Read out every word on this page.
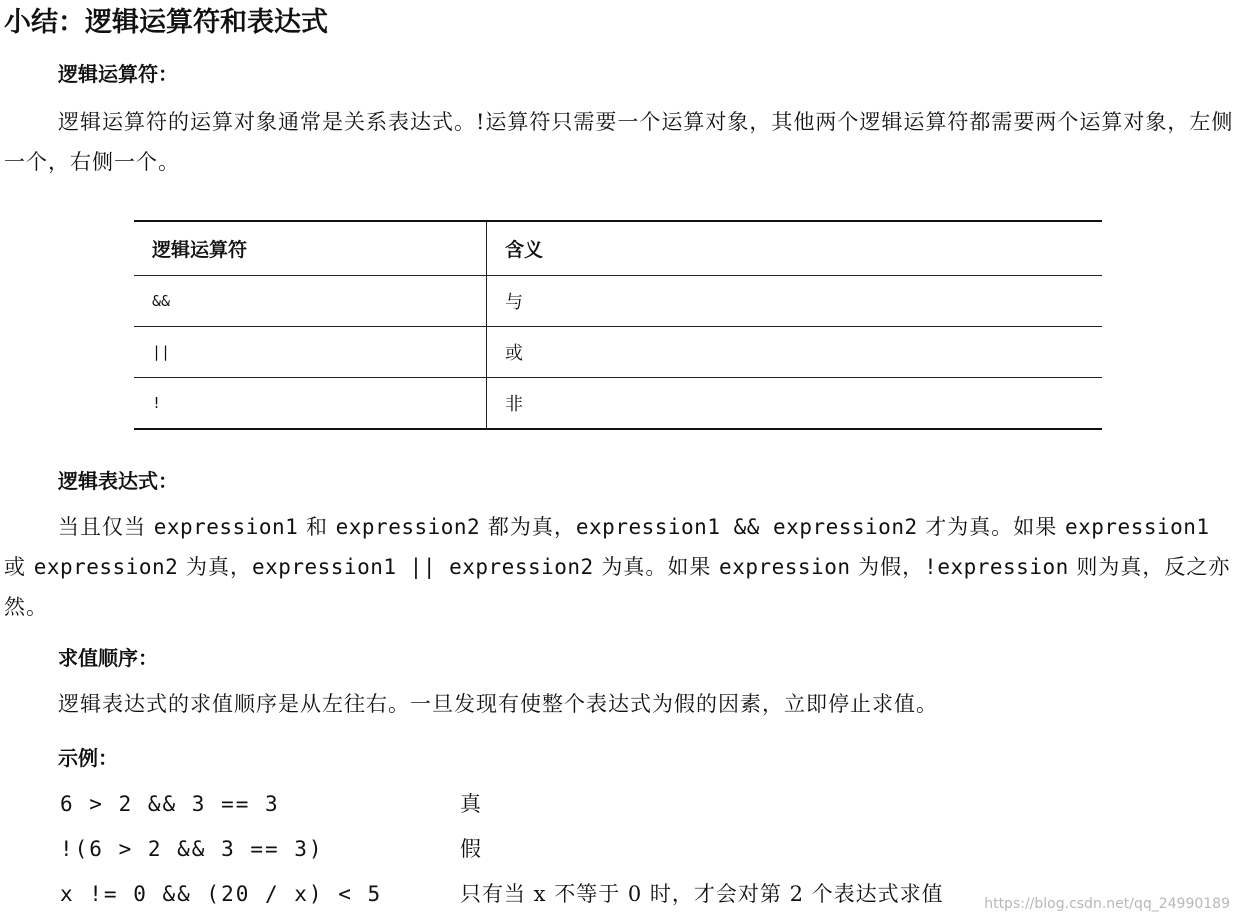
小结：逻辑运算符和表达式
逻辑运算符：

逻辑运算符的运算对象通常是关系表达式。!运算符只需要一个运算对象，其他两个逻辑运算符都需要两个运算对象，左侧一个，右侧一个。

逻辑运算符	含义
&&	与
||	或
!	非
逻辑表达式：

当且仅当 expression1 和 expression2 都为真，expression1 && expression2 才为真。如果 expression1 或 expression2 为真，expression1 || expression2 为真。如果 expression 为假，!expression 则为真，反之亦然。

求值顺序：

逻辑表达式的求值顺序是从左往右。一旦发现有使整个表达式为假的因素，立即停止求值。

示例：
6 > 2 && 3 == 3	真
!(6 > 2 && 3 == 3)	假
x != 0 && (20 / x) < 5	只有当 x 不等于 0 时，才会对第 2 个表达式求值	https://blog.csdn.net/qq_24990189
